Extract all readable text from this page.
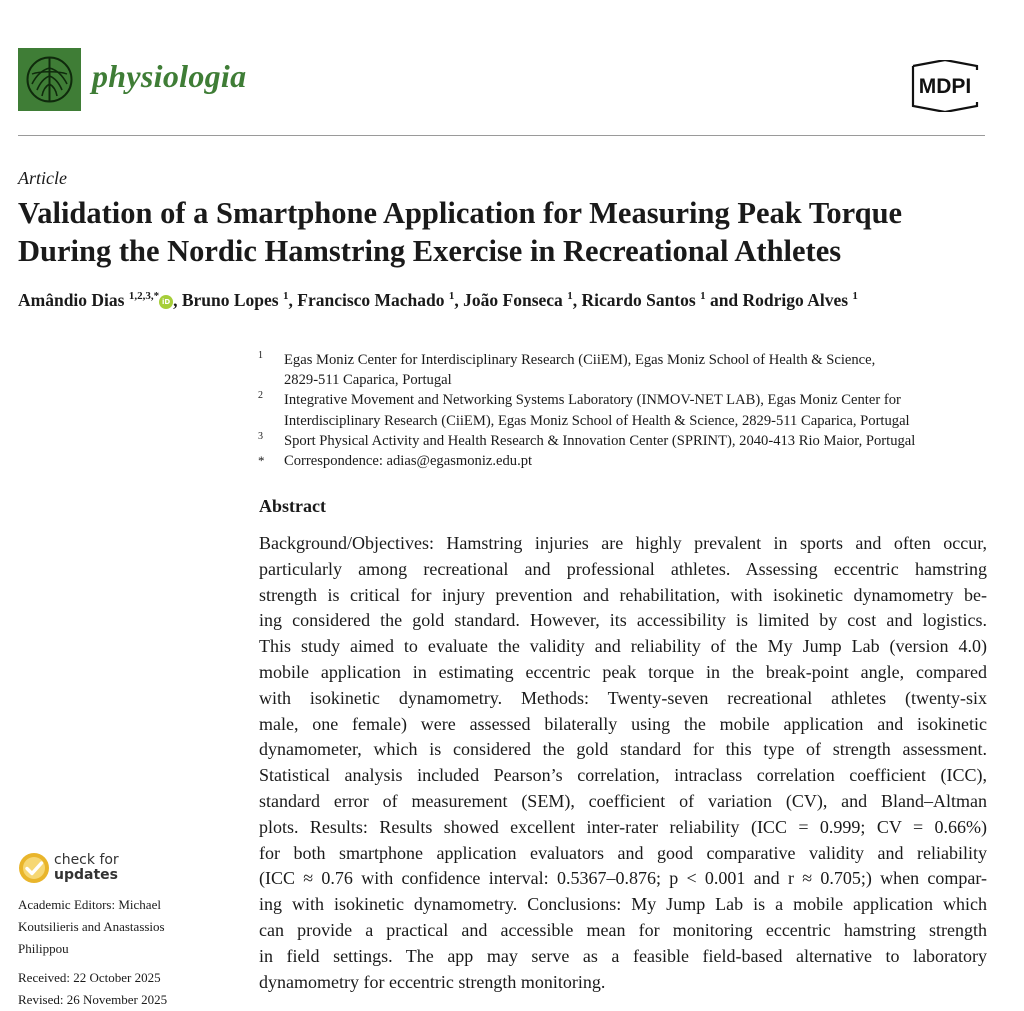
physiologia	MDPI
Article
Validation of a Smartphone Application for Measuring Peak Torque
During the Nordic Hamstring Exercise in Recreational Athletes
Amândio Dias $^{1,2,3,*}$ iD , Bruno Lopes $^1$, Francisco Machado $^1$, João Fonseca $^1$, Ricardo Santos $^1$ and Rodrigo Alves $^1$
1 Egas Moniz Center for Interdisciplinary Research (CiiEM), Egas Moniz School of Health & Science,
2829-511 Caparica, Portugal
2 Integrative Movement and Networking Systems Laboratory (INMOV-NET LAB), Egas Moniz Center for
Interdisciplinary Research (CiiEM), Egas Moniz School of Health & Science, 2829-511 Caparica, Portugal
3 Sport Physical Activity and Health Research & Innovation Center (SPRINT), 2040-413 Rio Maior, Portugal
* Correspondence: adias@egasmoniz.edu.pt
Abstract

Background/Objectives: Hamstring injuries are highly prevalent in sports and often occur,
particularly among recreational and professional athletes. Assessing eccentric hamstring
strength is critical for injury prevention and rehabilitation, with isokinetic dynamometry be-
ing considered the gold standard. However, its accessibility is limited by cost and logistics.
This study aimed to evaluate the validity and reliability of the My Jump Lab (version 4.0)
mobile application in estimating eccentric peak torque in the break-point angle, compared
with isokinetic dynamometry. Methods: Twenty-seven recreational athletes (twenty-six
male, one female) were assessed bilaterally using the mobile application and isokinetic
dynamometer, which is considered the gold standard for this type of strength assessment.
Statistical analysis included Pearson’s correlation, intraclass correlation coefficient (ICC),
standard error of measurement (SEM), coefficient of variation (CV), and Bland–Altman
plots. Results: Results showed excellent inter-rater reliability (ICC = 0.999; CV = 0.66%)
for both smartphone application evaluators and good comparative validity and reliability
(ICC ≈ 0.76 with confidence interval: 0.5367–0.876; p < 0.001 and r ≈ 0.705;) when compar-
ing with isokinetic dynamometry. Conclusions: My Jump Lab is a mobile application which
can provide a practical and accessible mean for monitoring eccentric hamstring strength
in field settings. The app may serve as a feasible field-based alternative to laboratory
dynamometry for eccentric strength monitoring.

check for
updates
Academic Editors: Michael
Koutsilieris and Anastassios
Philippou
Received: 22 October 2025
Revised: 26 November 2025
